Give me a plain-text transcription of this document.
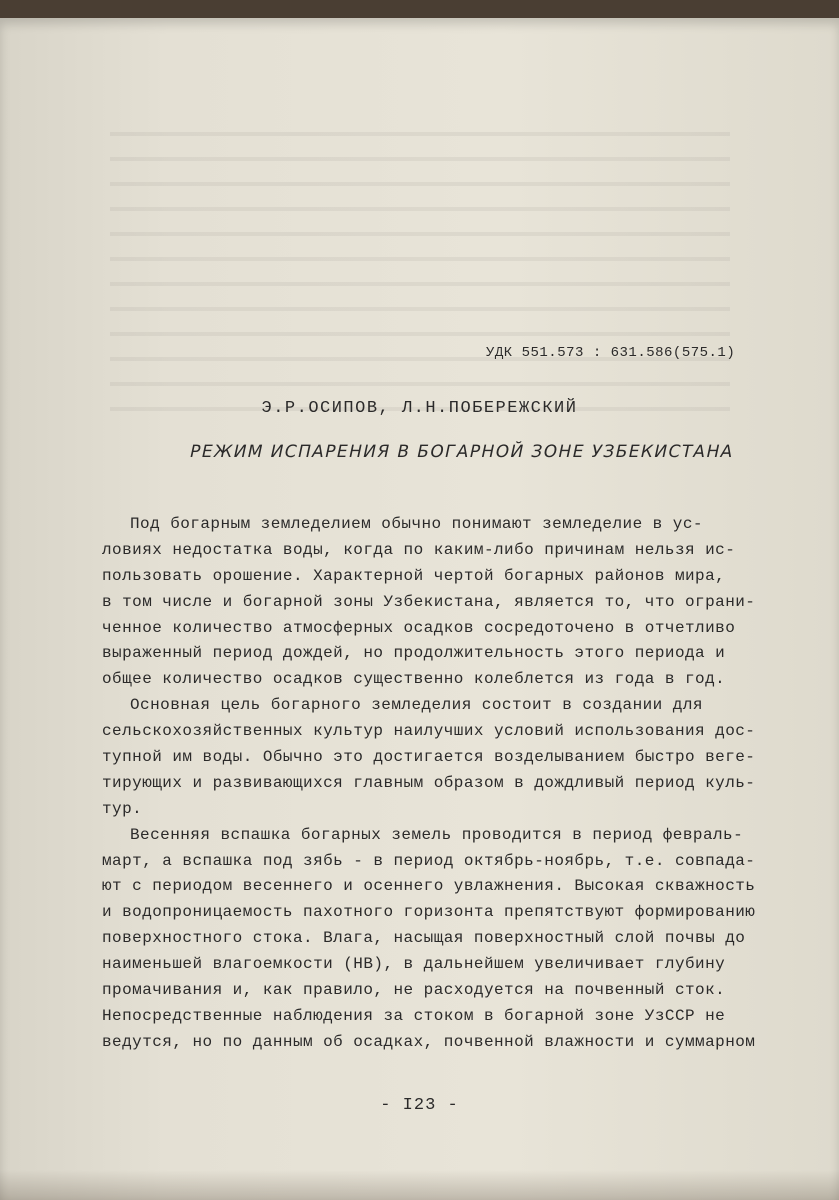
УДК 551.573 : 631.586(575.1)
Э.Р.ОСИПОВ, Л.Н.ПОБЕРЕЖСКИЙ
РЕЖИМ ИСПАРЕНИЯ В БОГАРНОЙ ЗОНЕ УЗБЕКИСТАНА
Под богарным земледелием обычно понимают земледелие в ус-
ловиях недостатка воды, когда по каким-либо причинам нельзя ис-
пользовать орошение. Характерной чертой богарных районов мира,
в том числе и богарной зоны Узбекистана, является то, что ограни-
ченное количество атмосферных осадков сосредоточено в отчетливо
выраженный период дождей, но продолжительность этого периода и
общее количество осадков существенно колеблется из года в год.
Основная цель богарного земледелия состоит в создании для
сельскохозяйственных культур наилучших условий использования дос-
тупной им воды. Обычно это достигается возделыванием быстро веге-
тирующих и развивающихся главным образом в дождливый период куль-
тур.
Весенняя вспашка богарных земель проводится в период февраль-
март, а вспашка под зябь - в период октябрь-ноябрь, т.е. совпада-
ют с периодом весеннего и осеннего увлажнения. Высокая скважность
и водопроницаемость пахотного горизонта препятствуют формированию
поверхностного стока. Влага, насыщая поверхностный слой почвы до
наименьшей влагоемкости (НВ), в дальнейшем увеличивает глубину
промачивания и, как правило, не расходуется на почвенный сток.
Непосредственные наблюдения за стоком в богарной зоне УзССР не
ведутся, но по данным об осадках, почвенной влажности и суммарном
- I23 -
